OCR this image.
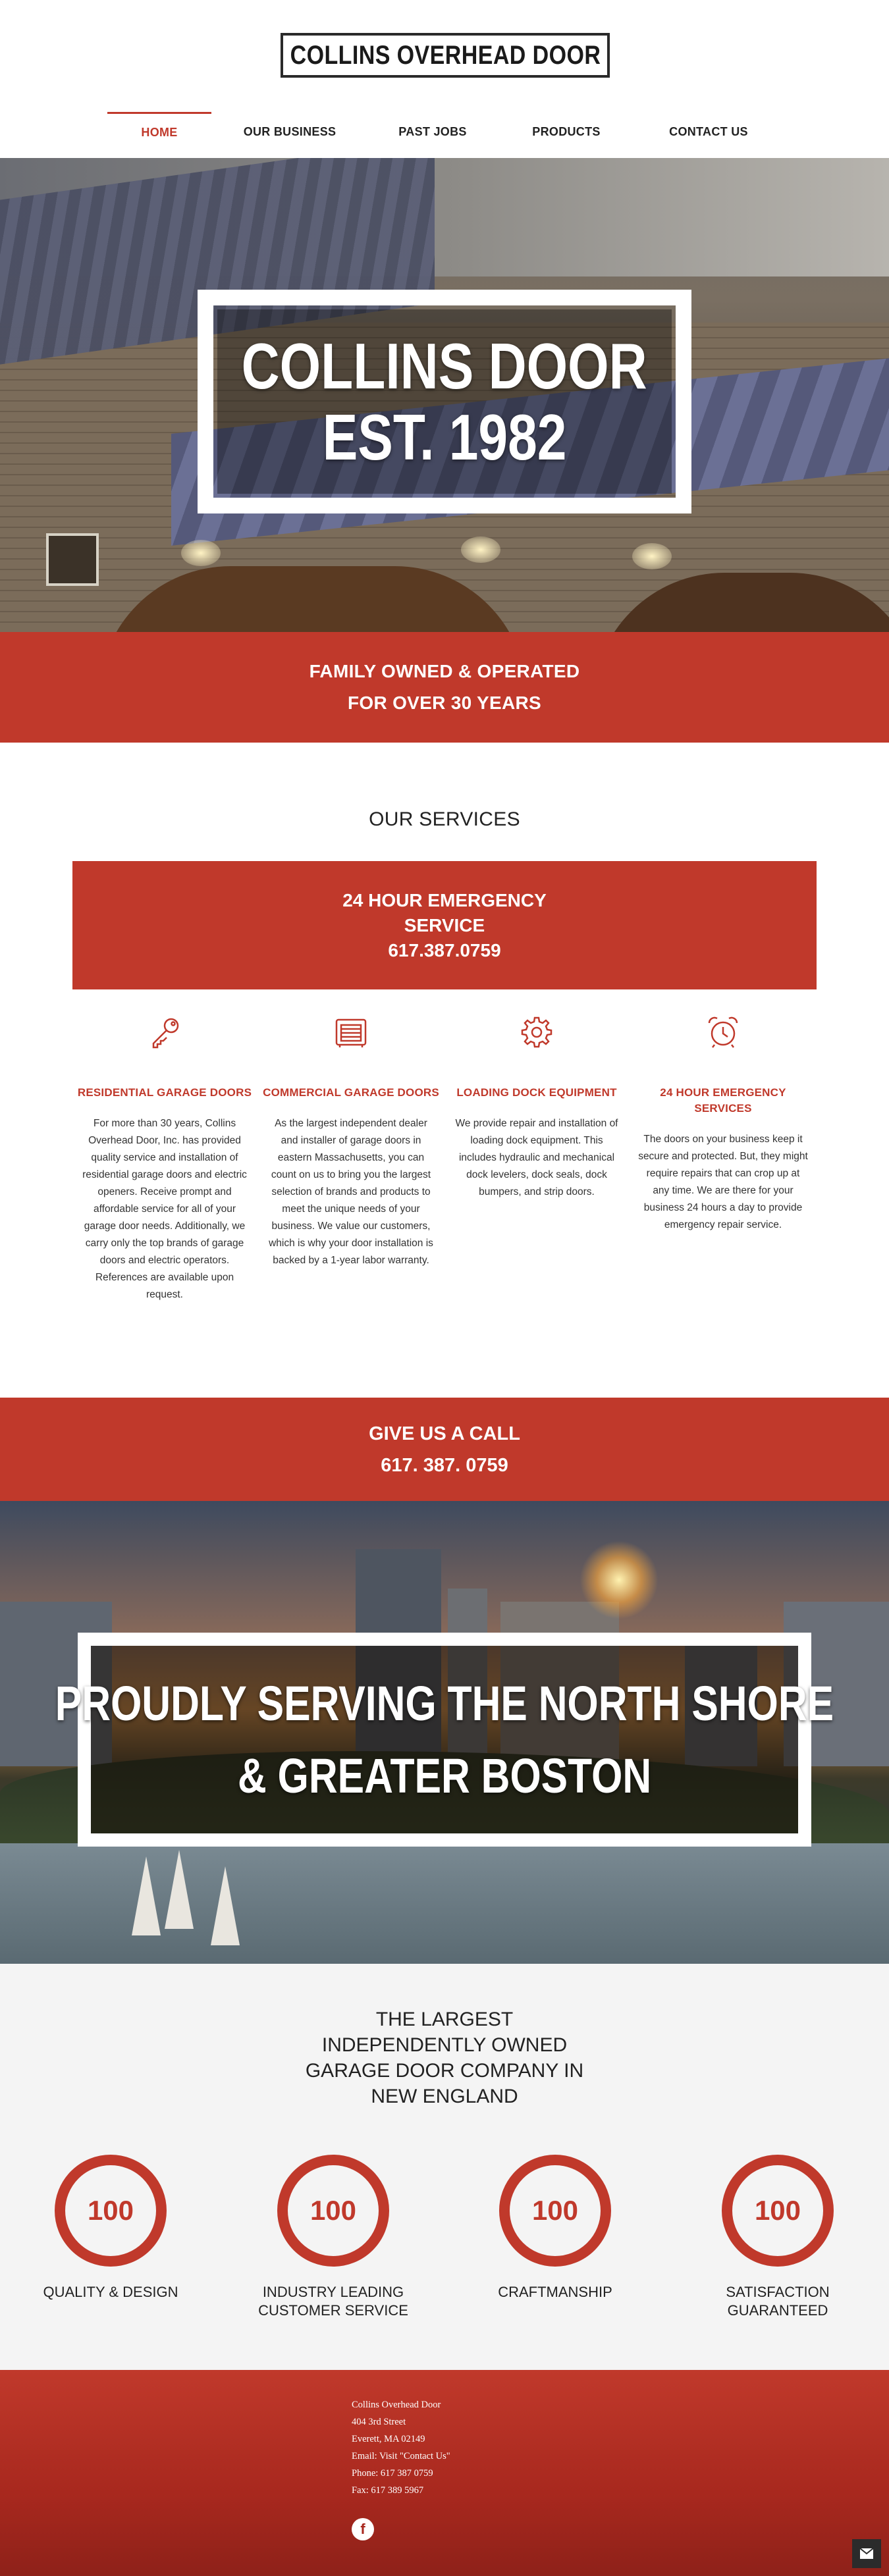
COLLINS OVERHEAD DOOR
HOME	OUR BUSINESS	PAST JOBS	PRODUCTS	CONTACT US
COLLINS DOOR
EST. 1982
FAMILY OWNED & OPERATED
FOR OVER 30 YEARS
OUR SERVICES
24 HOUR EMERGENCY
SERVICE
617.387.0759
RESIDENTIAL GARAGE DOORS
For more than 30 years, Collins Overhead Door, Inc. has provided quality service and installation of residential garage doors and electric openers. Receive prompt and affordable service for all of your garage door needs. Additionally, we carry only the top brands of garage doors and electric operators. References are available upon request.
COMMERCIAL GARAGE DOORS
As the largest independent dealer and installer of garage doors in eastern Massachusetts, you can count on us to bring you the largest selection of brands and products to meet the unique needs of your business. We value our customers, which is why your door installation is backed by a 1-year labor warranty.
LOADING DOCK EQUIPMENT
We provide repair and installation of loading dock equipment. This includes hydraulic and mechanical dock levelers, dock seals, dock bumpers, and strip doors.
24 HOUR EMERGENCY SERVICES
The doors on your business keep it secure and protected. But, they might require repairs that can crop up at any time. We are there for your business 24 hours a day to provide emergency repair service.
GIVE US A CALL
617. 387. 0759
PROUDLY SERVING THE NORTH SHORE
& GREATER BOSTON
THE LARGEST
INDEPENDENTLY OWNED
GARAGE DOOR COMPANY IN
NEW ENGLAND
100
QUALITY & DESIGN
100
INDUSTRY LEADING
CUSTOMER SERVICE
100
CRAFTMANSHIP
100
SATISFACTION
GUARANTEED
Collins Overhead Door
404 3rd Street
Everett, MA 02149
Email: Visit "Contact Us"
Phone: 617 387 0759
Fax: 617 389 5967
f
